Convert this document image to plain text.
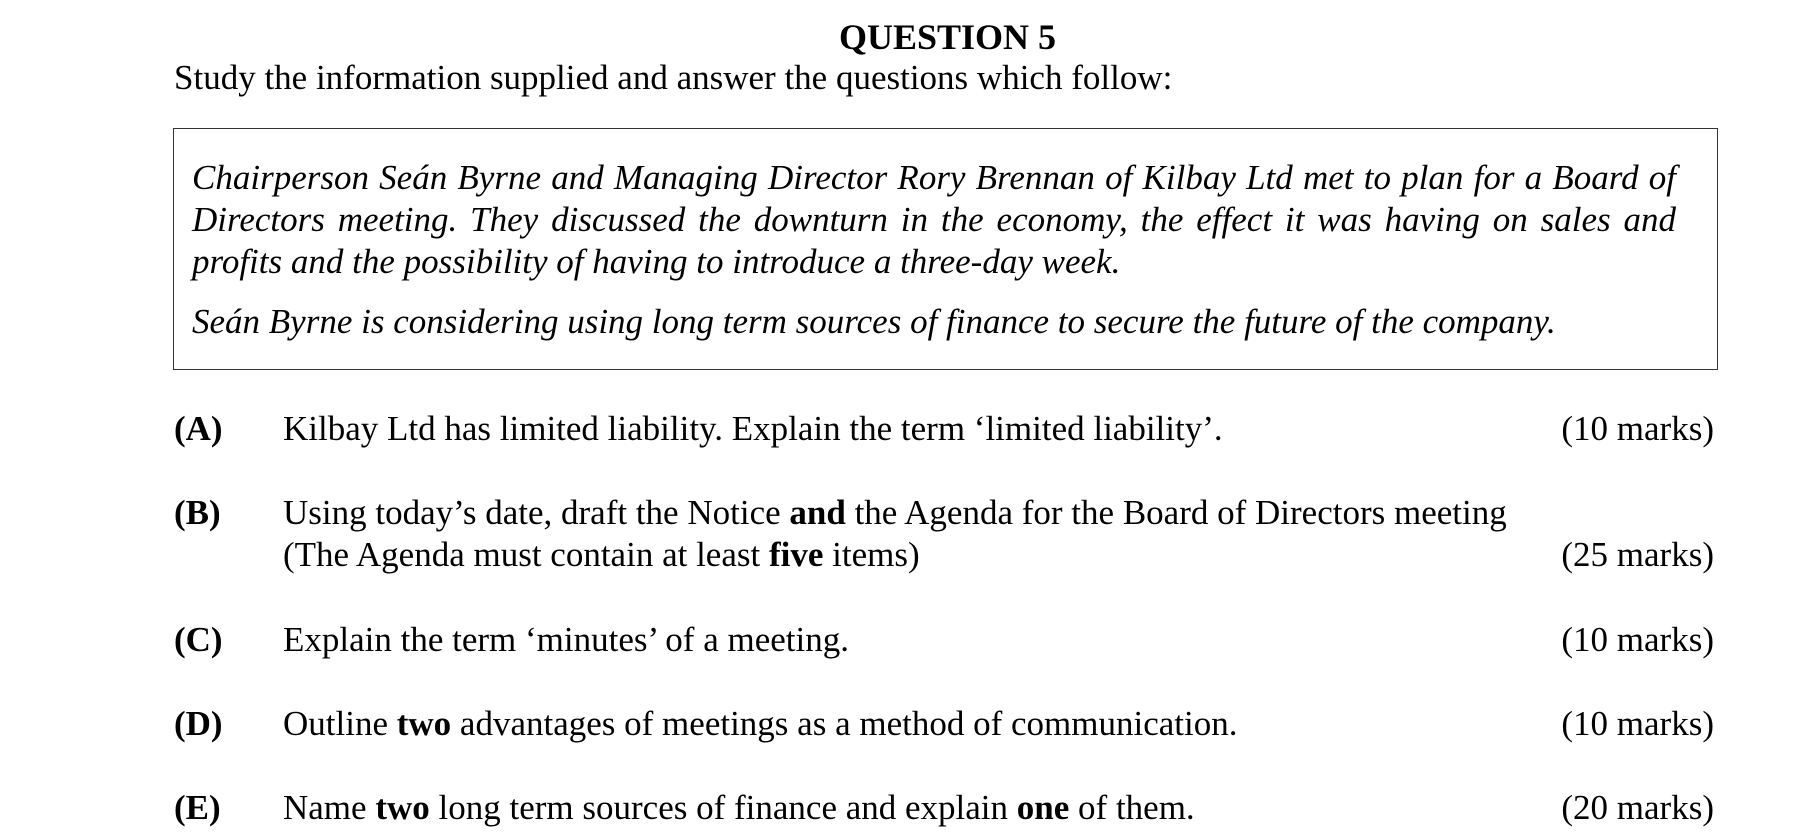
QUESTION 5
Study the information supplied and answer the questions which follow:

Chairperson Seán Byrne and Managing Director Rory Brennan of Kilbay Ltd met to plan for a Board of Directors meeting. They discussed the downturn in the economy, the effect it was having on sales and profits and the possibility of having to introduce a three-day week.

Seán Byrne is considering using long term sources of finance to secure the future of the company.

(A) Kilbay Ltd has limited liability. Explain the term ‘limited liability’.	(10 marks)
(B) Using today’s date, draft the Notice and the Agenda for the Board of Directors meeting
(The Agenda must contain at least five items)	(25 marks)
(C) Explain the term ‘minutes’ of a meeting.	(10 marks)
(D) Outline two advantages of meetings as a method of communication.	(10 marks)
(E) Name two long term sources of finance and explain one of them.	(20 marks)
